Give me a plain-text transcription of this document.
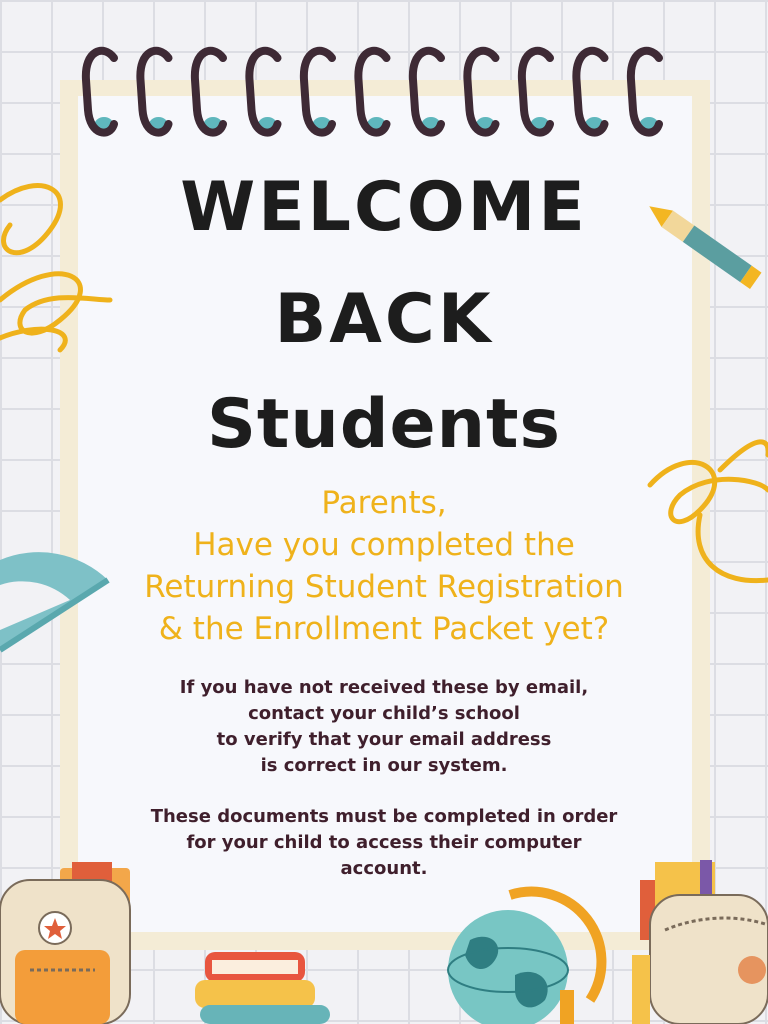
WELCOME
BACK
Students
Parents,
Have you completed the
Returning Student Registration
& the Enrollment Packet yet?
If you have not received these by email,
contact your child’s school
to verify that your email address
is correct in our system.
These documents must be completed in order
for your child to access their computer
account.
